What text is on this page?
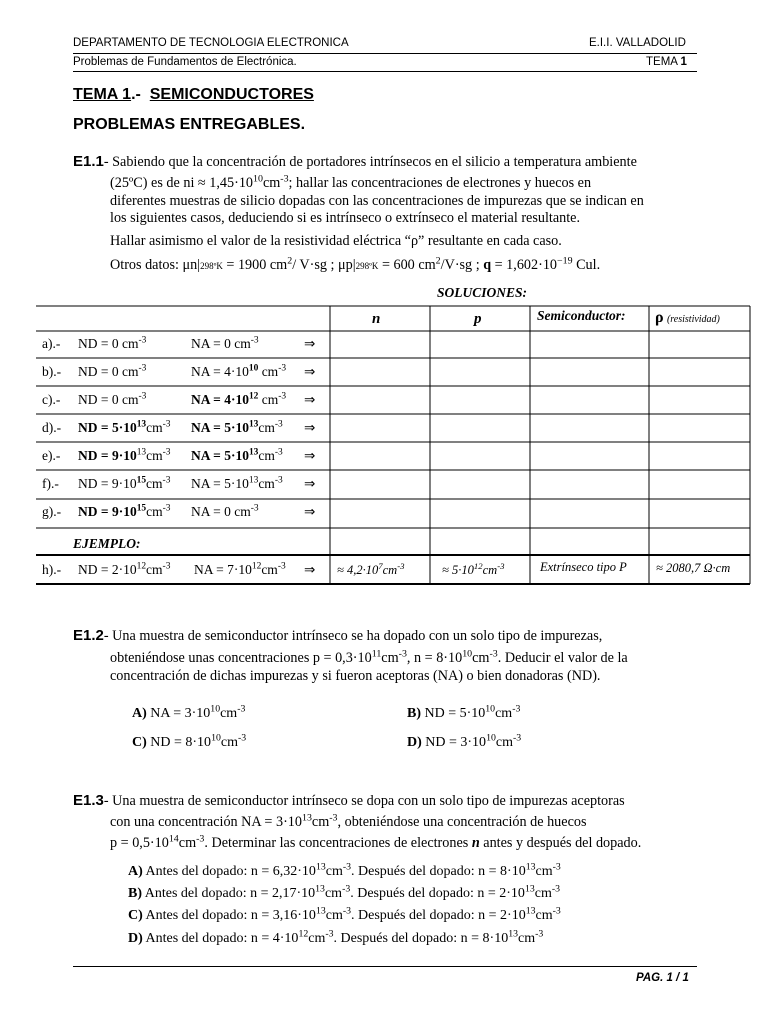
DEPARTAMENTO DE TECNOLOGIA ELECTRONICA	E.I.I. VALLADOLID
Problemas de Fundamentos de Electrónica.	TEMA 1
TEMA 1.- SEMICONDUCTORES
PROBLEMAS ENTREGABLES.
E1.1- Sabiendo que la concentración de portadores intrínsecos en el silicio a temperatura ambiente
(25ºC) es de ni ≈ $1,45\cdot 10^{10}cm^{-3}$; hallar las concentraciones de electrones y huecos en
diferentes muestras de silicio dopadas con las concentraciones de impurezas que se indican en
los siguientes casos, deduciendo si es intrínseco o extrínseco el material resultante.
Hallar asimismo el valor de la resistividad eléctrica “ρ” resultante en cada caso.
Otros datos: μn|298ºK = 1900 $cm^2/$ V·sg ; μp|298ºK = 600 $cm^2/V\cdot sg$ ; $q = 1,602\cdot 10^{-19}$ Cul.
SOLUCIONES:
n	p	Semiconductor: ρ (resistividad)
a).- ND = 0 $cm^{-3}$	NA = 0 $cm^{-3}$	⇒
b).- ND = 0 $cm^{-3}$	NA = $4\cdot 10^{10}$ $cm^{-3}$ ⇒
c).- ND = 0 $cm^{-3}$	NA = $4\cdot 10^{12}$ $cm^{-3}$ ⇒
d).- ND = $5\cdot 10^{13}cm^{-3}$ NA = $5\cdot 10^{13}cm^{-3}$ ⇒
e).- ND = $9\cdot 10^{13}cm^{-3}$ NA = $5\cdot 10^{13}cm^{-3}$ ⇒
f).- ND = $9\cdot 10^{15}cm^{-3}$ NA = $5\cdot 10^{13}cm^{-3}$ ⇒
g).- ND = $9\cdot 10^{15}cm^{-3}$ NA = 0 $cm^{-3}$	⇒
EJEMPLO:
h).- ND = $2\cdot 10^{12}cm^{-3}$ NA = $7\cdot 10^{12}cm^{-3}$ ⇒ ≈ $4,2\cdot 10^7cm^{-3}$	≈ $5\cdot 10^{12}cm^{-3}$	Extrínseco tipo P ≈ 2080,7 Ω·cm
E1.2- Una muestra de semiconductor intrínseco se ha dopado con un solo tipo de impurezas,
obteniéndose unas concentraciones $p = 0,3\cdot 10^{11}cm^{-3}$, $n = 8\cdot 10^{10}cm^{-3}$. Deducir el valor de la
concentración de dichas impurezas y si fueron aceptoras (NA) o bien donadoras (ND).
A) NA = $3\cdot 10^{10}cm^{-3}$	B) ND = $5\cdot 10^{10}cm^{-3}$
C) ND = $8\cdot 10^{10}cm^{-3}$	D) ND = $3\cdot 10^{10}cm^{-3}$
E1.3- Una muestra de semiconductor intrínseco se dopa con un solo tipo de impurezas aceptoras
con una concentración NA = $3\cdot 10^{13}cm^{-3}$, obteniéndose una concentración de huecos
$p = 0,5\cdot 10^{14}cm^{-3}$. Determinar las concentraciones de electrones n antes y después del dopado.
A) Antes del dopado: $n = 6,32\cdot 10^{13}cm^{-3}$. Después del dopado: $n = 8\cdot 10^{13}cm^{-3}$
B) Antes del dopado: $n = 2,17\cdot 10^{13}cm^{-3}$. Después del dopado: $n = 2\cdot 10^{13}cm^{-3}$
C) Antes del dopado: $n = 3,16\cdot 10^{13}cm^{-3}$. Después del dopado: $n = 2\cdot 10^{13}cm^{-3}$
D) Antes del dopado: $n = 4\cdot 10^{12}cm^{-3}$. Después del dopado: $n = 8\cdot 10^{13}cm^{-3}$
PAG. 1 / 1
